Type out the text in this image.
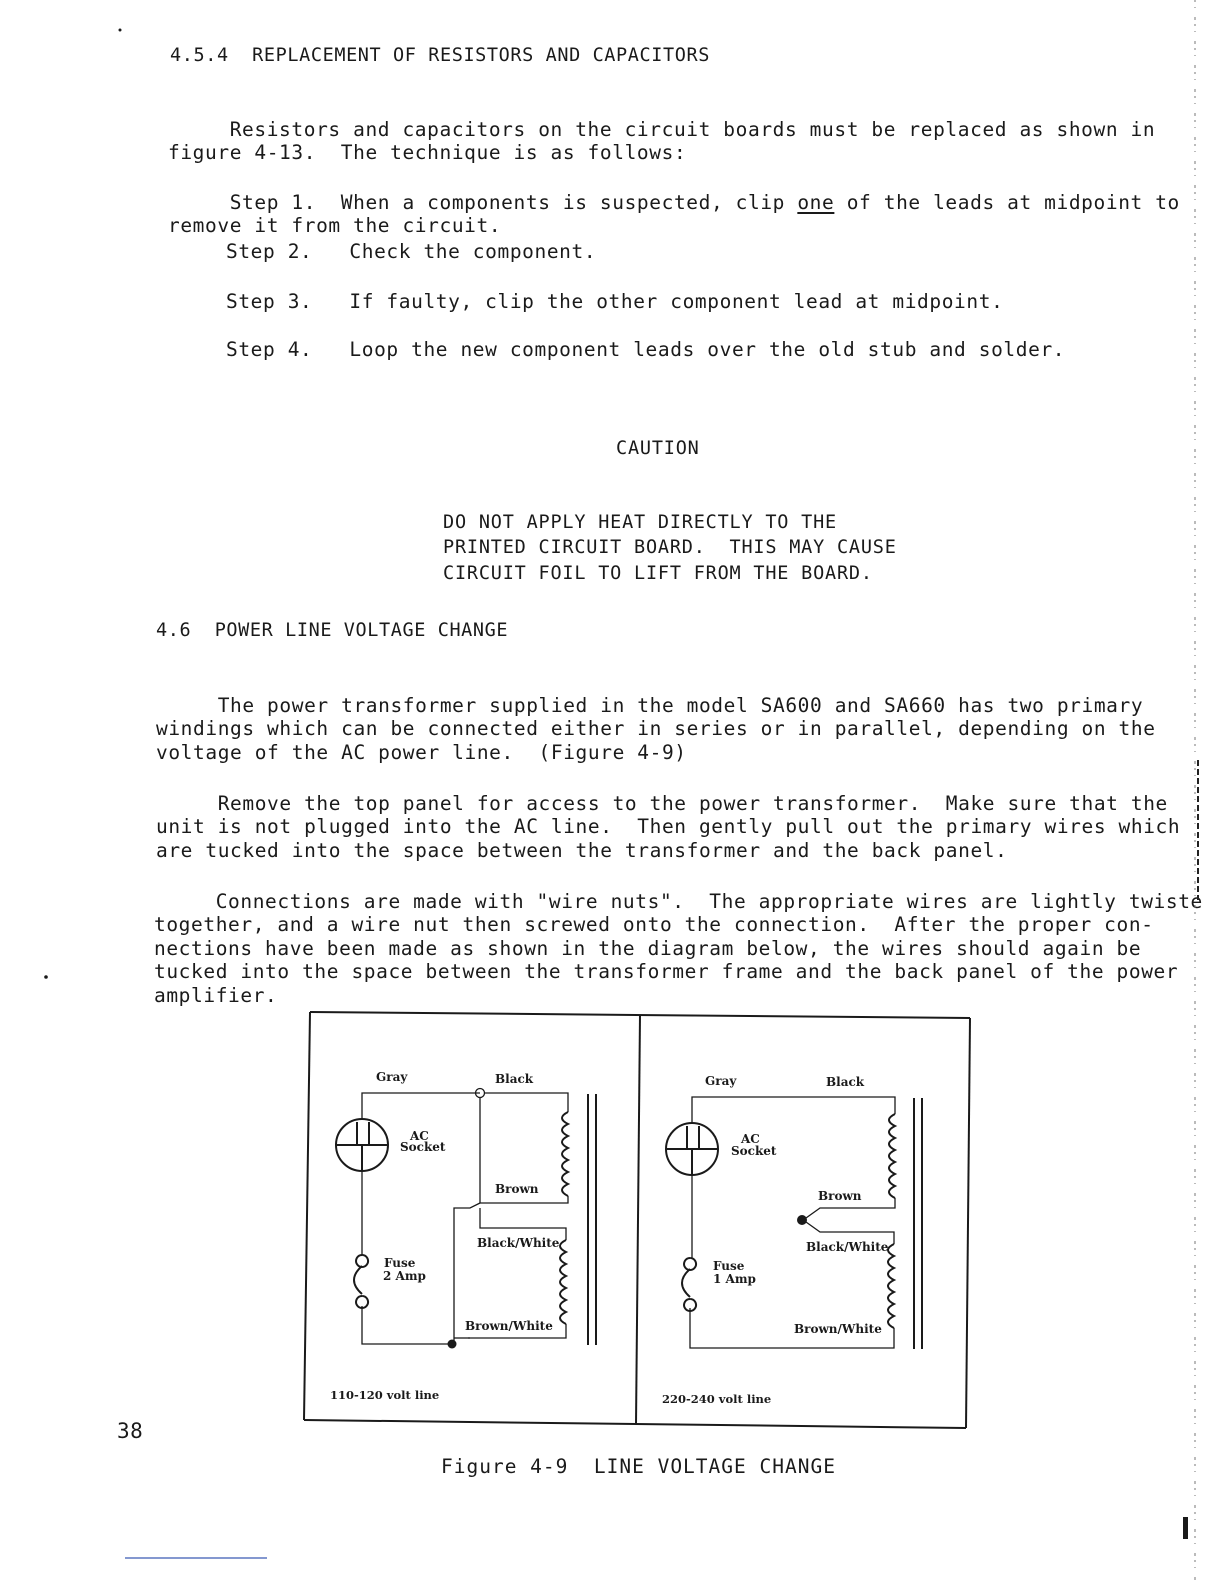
4.5.4  REPLACEMENT OF RESISTORS AND CAPACITORS

Resistors and capacitors on the circuit boards must be replaced as shown in
figure 4-13.  The technique is as follows:

Step 1.  When a components is suspected, clip one of the leads at midpoint to
remove it from the circuit.
Step 2.   Check the component.
Step 3.   If faulty, clip the other component lead at midpoint.
Step 4.   Loop the new component leads over the old stub and solder.
CAUTION

DO NOT APPLY HEAT DIRECTLY TO THE
PRINTED CIRCUIT BOARD.  THIS MAY CAUSE
CIRCUIT FOIL TO LIFT FROM THE BOARD.
4.6  POWER LINE VOLTAGE CHANGE

The power transformer supplied in the model SA600 and SA660 has two primary
windings which can be connected either in series or in parallel, depending on the
voltage of the AC power line.  (Figure 4-9)

Remove the top panel for access to the power transformer.  Make sure that the
unit is not plugged into the AC line.  Then gently pull out the primary wires which
are tucked into the space between the transformer and the back panel.

Connections are made with "wire nuts".  The appropriate wires are lightly twiste
together, and a wire nut then screwed onto the connection.  After the proper con-
nections have been made as shown in the diagram below, the wires should again be
tucked into the space between the transformer frame and the back panel of the power
amplifier.
Gray	Black
AC
Socket
Brown
Black/White
Fuse
2 Amp
Brown/White
110-120 volt line
Gray	Black
AC
Socket
Brown
Black/White
Fuse
1 Amp
Brown/White
220-240 volt line
Figure 4-9  LINE VOLTAGE CHANGE
38
